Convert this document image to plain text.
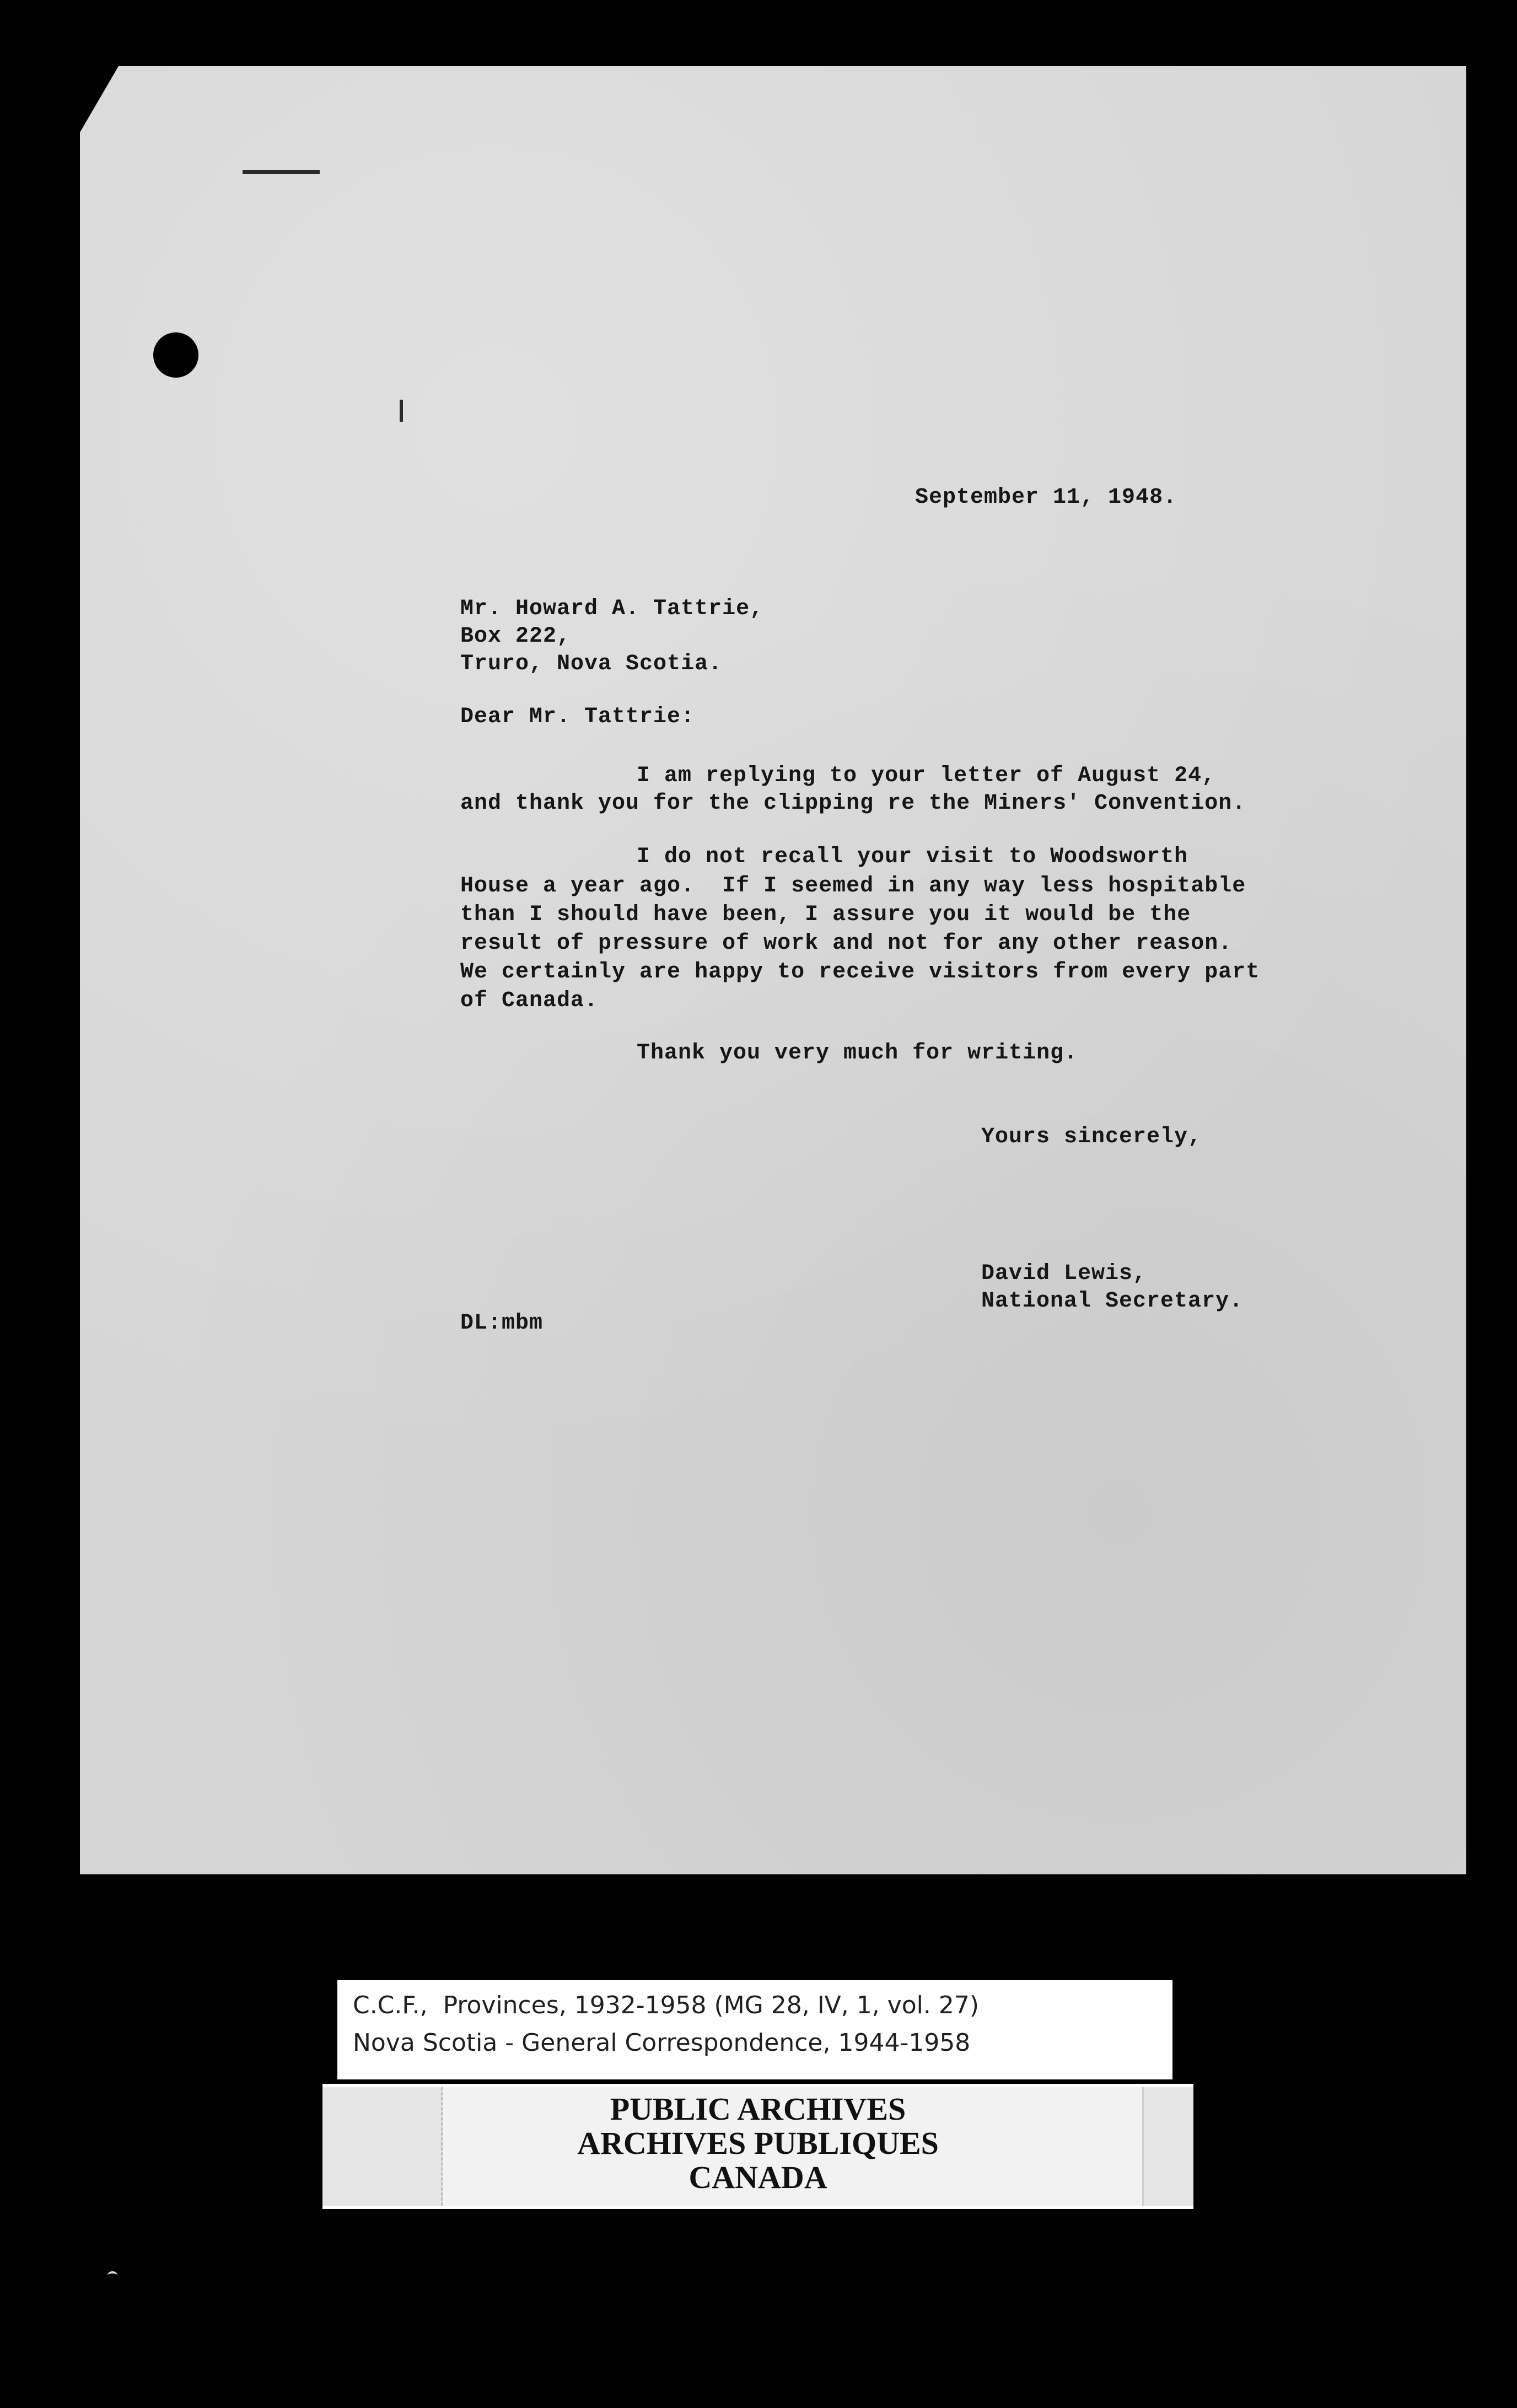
September 11, 1948.
Mr. Howard A. Tattrie,
Box 222,
Truro, Nova Scotia.
Dear Mr. Tattrie:
I am replying to your letter of August 24,
and thank you for the clipping re the Miners' Convention.
I do not recall your visit to Woodsworth
House a year ago.  If I seemed in any way less hospitable
than I should have been, I assure you it would be the
result of pressure of work and not for any other reason.
We certainly are happy to receive visitors from every part
of Canada.
Thank you very much for writing.
Yours sincerely,
David Lewis,
National Secretary.
DL:mbm
C.C.F.,  Provinces, 1932-1958 (MG 28, IV, 1, vol. 27)
Nova Scotia - General Correspondence, 1944-1958
PUBLIC ARCHIVES
ARCHIVES PUBLIQUES
CANADA
